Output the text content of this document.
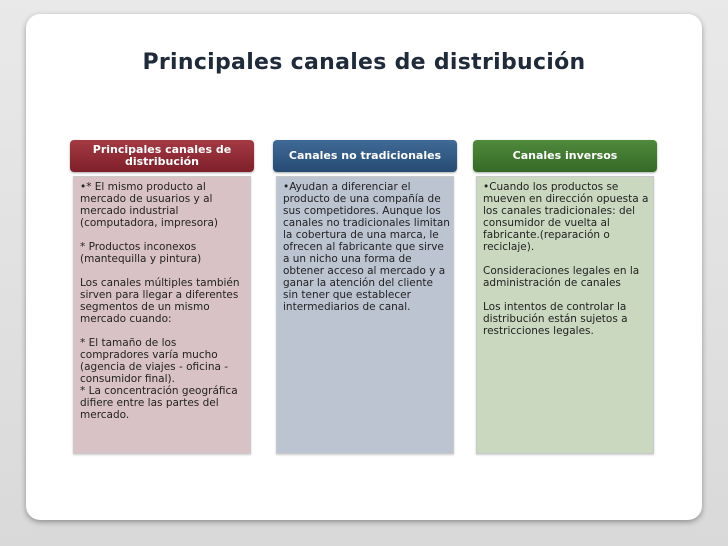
Principales canales de distribución
Principales canales de distribución
•* El mismo producto al mercado de usuarios y al mercado industrial (computadora, impresora)

* Productos inconexos (mantequilla y pintura)

Los canales múltiples también sirven para llegar a diferentes segmentos de un mismo mercado cuando:

* El tamaño de los compradores varía mucho (agencia de viajes - oficina - consumidor final).
* La concentración geográfica difiere entre las partes del mercado.
Canales no tradicionales
•Ayudan a diferenciar el producto de una compañía de sus competidores. Aunque los canales no tradicionales limitan la cobertura de una marca, le ofrecen al fabricante que sirve a un nicho una forma de obtener acceso al mercado y a ganar la atención del cliente sin tener que establecer intermediarios de canal.
Canales inversos
•Cuando los productos se mueven en dirección opuesta a los canales tradicionales: del consumidor de vuelta al fabricante.(reparación o reciclaje).

Consideraciones legales en la administración de canales

Los intentos de controlar la distribución están sujetos a restricciones legales.
